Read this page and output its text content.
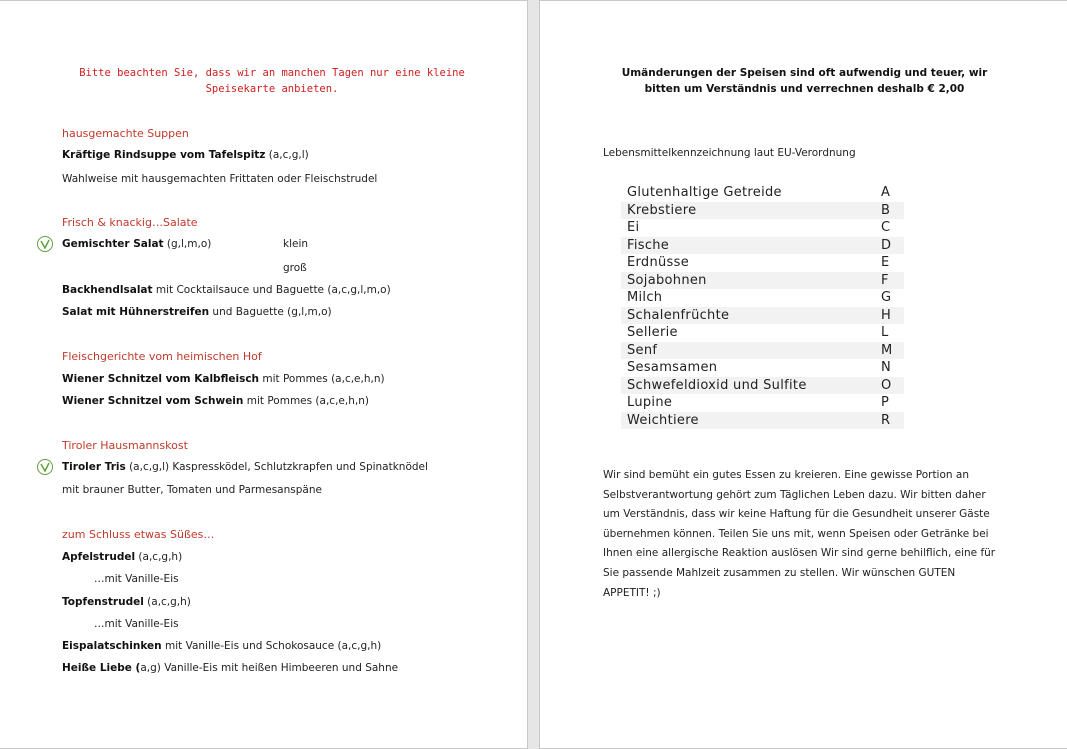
Bitte beachten Sie, dass wir an manchen Tagen nur eine kleine Speisekarte anbieten.
hausgemachte Suppen
Kräftige Rindsuppe vom Tafelspitz (a,c,g,l)
Wahlweise mit hausgemachten Frittaten oder Fleischstrudel
Frisch & knackig…Salate
Gemischter Salat (g,l,m,o)	klein
groß
Backhendlsalat mit Cocktailsauce und Baguette (a,c,g,l,m,o)
Salat mit Hühnerstreifen und Baguette (g,l,m,o)
Fleischgerichte vom heimischen Hof
Wiener Schnitzel vom Kalbfleisch mit Pommes (a,c,e,h,n)
Wiener Schnitzel vom Schwein mit Pommes (a,c,e,h,n)
Tiroler Hausmannskost
Tiroler Tris (a,c,g,l) Kaspressködel, Schlutzkrapfen und Spinatknödel
mit brauner Butter, Tomaten und Parmesanspäne
zum Schluss etwas Süßes…
Apfelstrudel (a,c,g,h)
…mit Vanille-Eis
Topfenstrudel (a,c,g,h)
…mit Vanille-Eis
Eispalatschinken mit Vanille-Eis und Schokosauce (a,c,g,h)
Heiße Liebe (a,g) Vanille-Eis mit heißen Himbeeren und Sahne
Umänderungen der Speisen sind oft aufwendig und teuer, wir bitten um Verständnis und verrechnen deshalb € 2,00
Lebensmittelkennzeichnung laut EU-Verordnung
Glutenhaltige Getreide	A
Krebstiere	B
Ei	C
Fische	D
Erdnüsse	E
Sojabohnen	F
Milch	G
Schalenfrüchte	H
Sellerie	L
Senf	M
Sesamsamen	N
Schwefeldioxid und Sulfite	O
Lupine	P
Weichtiere	R
Wir sind bemüht ein gutes Essen zu kreieren. Eine gewisse Portion an Selbstverantwortung gehört zum Täglichen Leben dazu. Wir bitten daher um Verständnis, dass wir keine Haftung für die Gesundheit unserer Gäste übernehmen können. Teilen Sie uns mit, wenn Speisen oder Getränke bei Ihnen eine allergische Reaktion auslösen Wir sind gerne behilflich, eine für Sie passende Mahlzeit zusammen zu stellen. Wir wünschen GUTEN APPETIT! ;)
